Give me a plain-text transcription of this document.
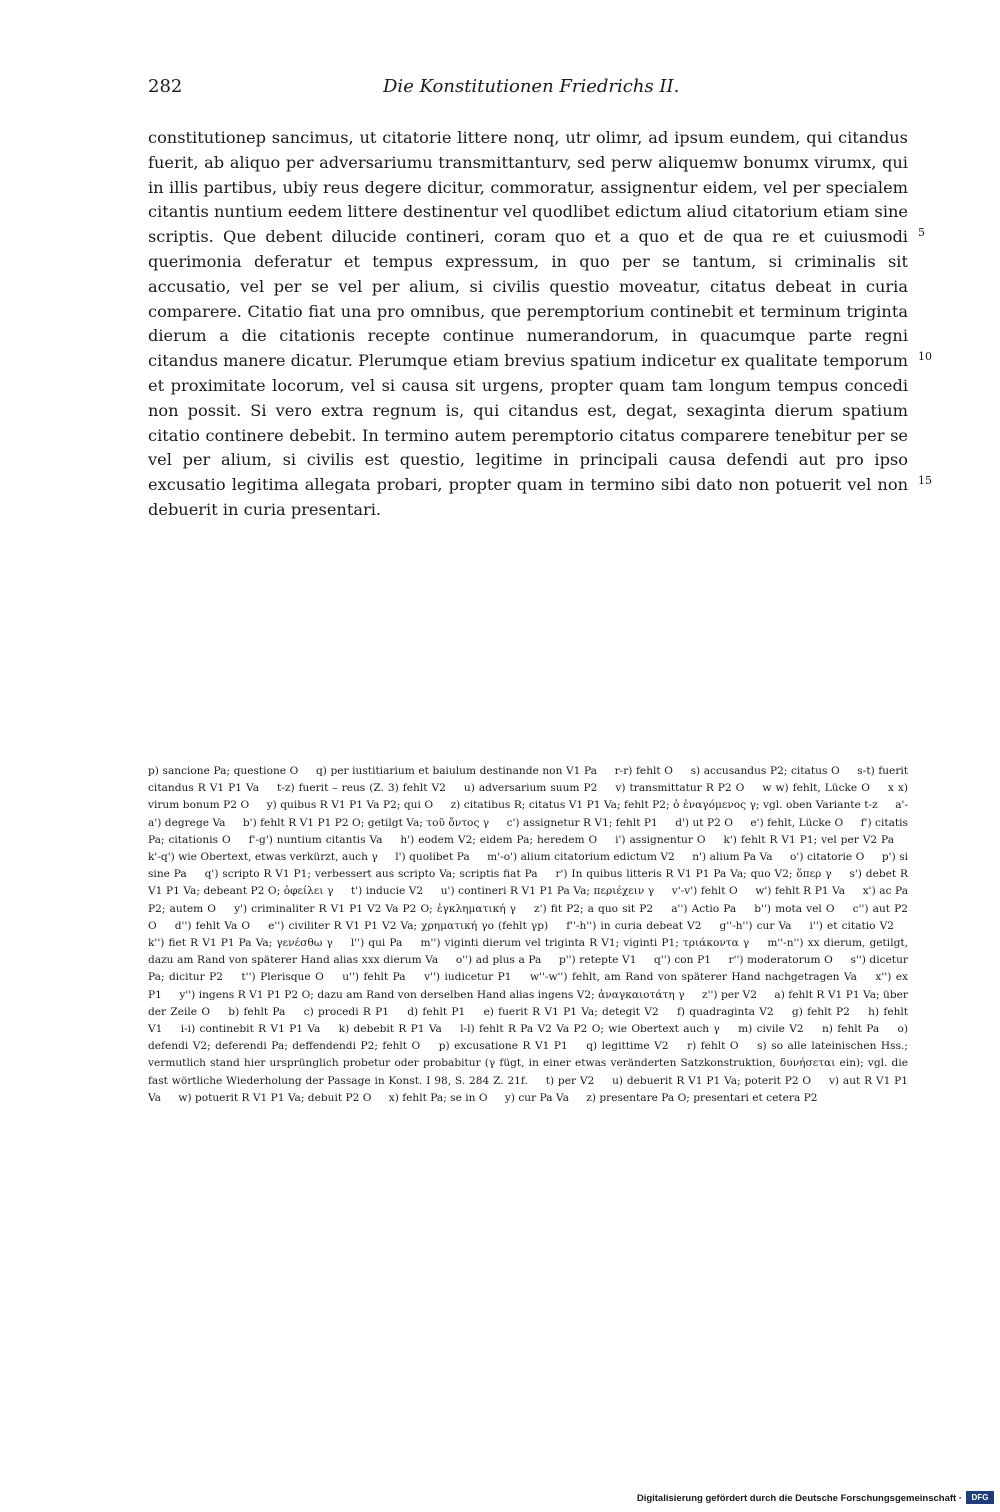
282	Die Konstitutionen Friedrichs II.

constitutionep sancimus, ut citatorie littere nonq, utr olimr, ad ipsum eundem, qui citandus fuerit, ab aliquo per adversariumu transmittanturv, sed perw aliquemw bonumx virumx, qui in illis partibus, ubiy reus degere dicitur, commoratur, assignentur eidem, vel per specialem citantis nuntium eedem littere destinentur vel quodlibet edictum aliud citatorium etiam sine scriptis. Que debent dilucide contineri, coram quo et a quo et de qua re et cuiusmodi querimonia deferatur et tempus expressum, in quo per se tantum, si criminalis sit accusatio, vel per se vel per alium, si civilis questio moveatur, citatus debeat in curia comparere. Citatio fiat una pro omnibus, que peremptorium continebit et terminum triginta dierum a die citationis recepte continue numerandorum, in quacumque parte regni citandus manere dicatur. Plerumque etiam brevius spatium indicetur ex qualitate temporum et proximitate locorum, vel si causa sit urgens, propter quam tam longum tempus concedi non possit. Si vero extra regnum is, qui citandus est, degat, sexaginta dierum spatium citatio continere debebit. In termino autem peremptorio citatus comparere tenebitur per se vel per alium, si civilis est questio, legitime in principali causa defendi aut pro ipso excusatio legitima allegata probari, propter quam in termino sibi dato non potuerit vel non debuerit in curia presentari.

5
10
15

p) sancione Pa; questione O q) per iustitiarium et baiulum destinande non V1 Pa r-r) fehlt O s) accusandus P2; citatus O s-t) fuerit citandus R V1 P1 Va t-z) fuerit – reus (Z. 3) fehlt V2 u) adversarium suum P2 v) transmittatur R P2 O w w) fehlt, Lücke O x x) virum bonum P2 O y) quibus R V1 P1 Va P2; qui O z) citatibus R; citatus V1 P1 Va; fehlt P2; ὁ ἐναγόμενος γ; vgl. oben Variante t-z a'-a') degrege Va b') fehlt R V1 P1 P2 O; getilgt Va; τοῦ ὄντος γ c') assignetur R V1; fehlt P1 d') ut P2 O e') fehlt, Lücke O f') citatis Pa; citationis O f'-g') nuntium citantis Va h') eodem V2; eidem Pa; heredem O i') assignentur O k') fehlt R V1 P1; vel per V2 Pa k'-q') wie Obertext, etwas verkürzt, auch γ l') quolibet Pa m'-o') alium citatorium edictum V2 n') alium Pa Va o') citatorie O p') si sine Pa q') scripto R V1 P1; verbessert aus scripto Va; scriptis fiat Pa r') In quibus litteris R V1 P1 Pa Va; quo V2; ὅπερ γ s') debet R V1 P1 Va; debeant P2 O; ὀφείλει γ t') inducie V2 u') contineri R V1 P1 Pa Va; περιέχειν γ v'-v') fehlt O w') fehlt R P1 Va x') ac Pa P2; autem O y') criminaliter R V1 P1 V2 Va P2 O; ἐγκληματική γ z') fit P2; a quo sit P2 a'') Actio Pa b'') mota vel O c'') aut P2 O d'') fehlt Va O e'') civiliter R V1 P1 V2 Va; χρηματική γo (fehlt γp) f''-h'') in curia debeat V2 g''-h'') cur Va i'') et citatio V2 k'') fiet R V1 P1 Pa Va; γενέσθω γ l'') qui Pa m'') viginti dierum vel triginta R V1; viginti P1; τριάκοντα γ m''-n'') xx dierum, getilgt, dazu am Rand von späterer Hand alias xxx dierum Va o'') ad plus a Pa p'') retepte V1 q'') con P1 r'') moderatorum O s'') dicetur Pa; dicitur P2 t'') Plerisque O u'') fehlt Pa v'') iudicetur P1 w''-w'') fehlt, am Rand von späterer Hand nachgetragen Va x'') ex P1 y'') ingens R V1 P1 P2 O; dazu am Rand von derselben Hand alias ingens V2; ἀναγκαιοτάτη γ z'') per V2 a) fehlt R V1 P1 Va; über der Zeile O b) fehlt Pa c) procedi R P1 d) fehlt P1 e) fuerit R V1 P1 Va; detegit V2 f) quadraginta V2 g) fehlt P2 h) fehlt V1 i-i) continebit R V1 P1 Va k) debebit R P1 Va l-l) fehlt R Pa V2 Va P2 O; wie Obertext auch γ m) civile V2 n) fehlt Pa o) defendi V2; deferendi Pa; deffendendi P2; fehlt O p) excusatione R V1 P1 q) legittime V2 r) fehlt O s) so alle lateinischen Hss.; vermutlich stand hier ursprünglich probetur oder probabitur (γ fügt, in einer etwas veränderten Satzkonstruktion, δυνήσεται ein); vgl. die fast wörtliche Wiederholung der Passage in Konst. I 98, S. 284 Z. 21f. t) per V2 u) debuerit R V1 P1 Va; poterit P2 O v) aut R V1 P1 Va w) potuerit R V1 P1 Va; debuit P2 O x) fehlt Pa; se in O y) cur Pa Va z) presentare Pa O; presentari et cetera P2

Digitalisierung gefördert durch die Deutsche Forschungsgemeinschaft ·	DFG
